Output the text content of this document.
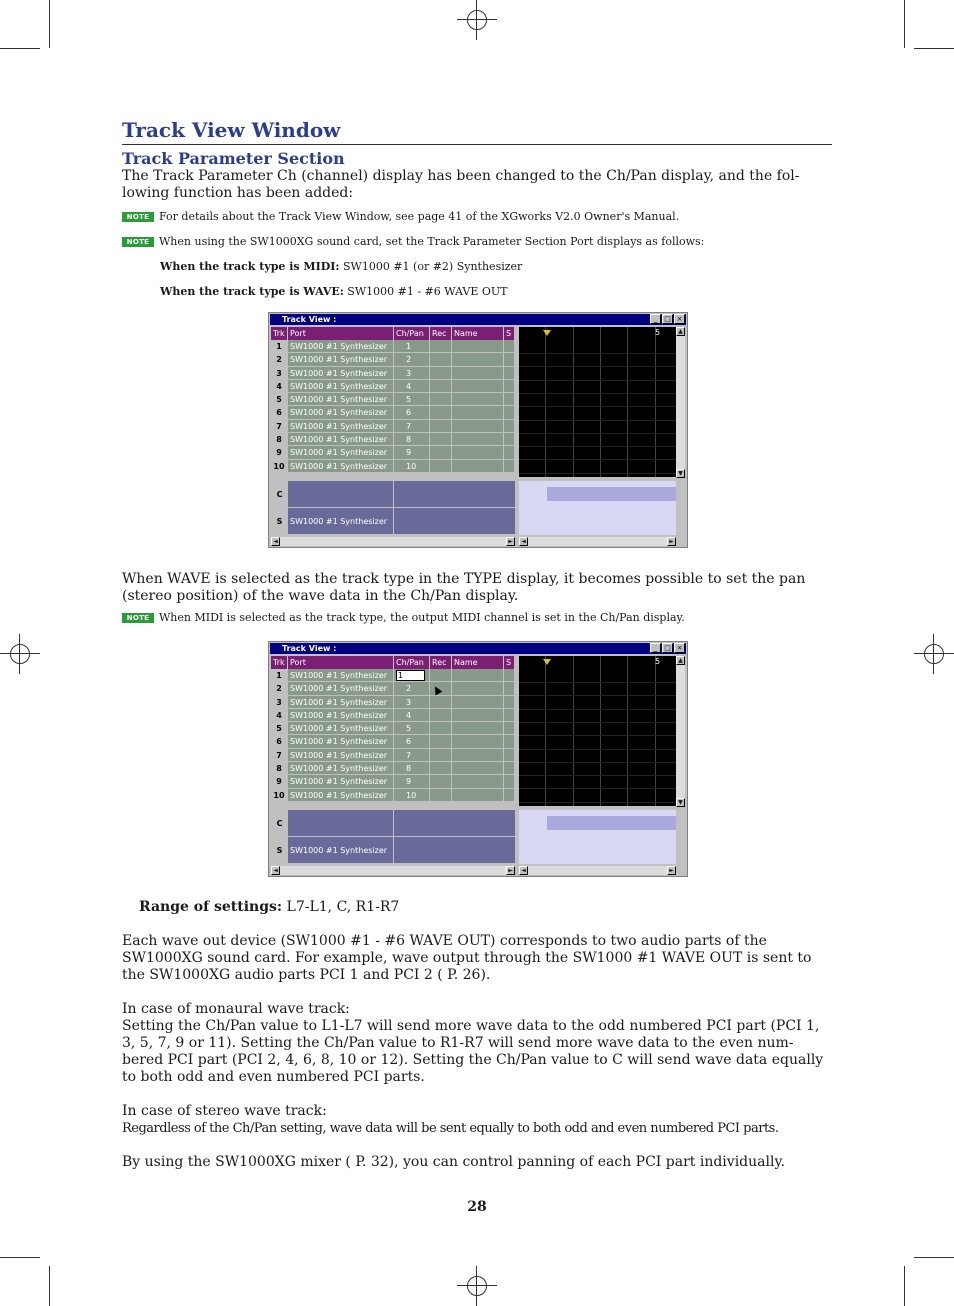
Track View Window
Track Parameter Section

The Track Parameter Ch (channel) display has been changed to the Ch/Pan display, and the fol-lowing function has been added:

NOTE For details about the Track View Window, see page 41 of the XGworks V2.0 Owner's Manual.
NOTE When using the SW1000XG sound card, set the Track Parameter Section Port displays as follows:
When the track type is MIDI: SW1000 #1 (or #2) Synthesizer
When the track type is WAVE: SW1000 #1 - #6 WAVE OUT
Track View :	_ □ ×
Trk Port	Ch/Pan	Rec Name	S
1	SW1000 #1 Synthesizer	1
2	SW1000 #1 Synthesizer	2
3	SW1000 #1 Synthesizer	3
4	SW1000 #1 Synthesizer	4
5	SW1000 #1 Synthesizer	5
6	SW1000 #1 Synthesizer	6
7	SW1000 #1 Synthesizer	7
8	SW1000 #1 Synthesizer	8
9	SW1000 #1 Synthesizer	9
10 SW1000 #1 Synthesizer	10
5	▲
▼
C
S SW1000 #1 Synthesizer
◄	►	◄	►

When WAVE is selected as the track type in the TYPE display, it becomes possible to set the pan (stereo position) of the wave data in the Ch/Pan display.

NOTE When MIDI is selected as the track type, the output MIDI channel is set in the Ch/Pan display.
Track View :	_ □ ×
Trk Port	Ch/Pan	Rec Name	S
1	SW1000 #1 Synthesizer	1
2	SW1000 #1 Synthesizer	2
3	SW1000 #1 Synthesizer	3
4	SW1000 #1 Synthesizer	4
5	SW1000 #1 Synthesizer	5
6	SW1000 #1 Synthesizer	6
7	SW1000 #1 Synthesizer	7
8	SW1000 #1 Synthesizer	8
9	SW1000 #1 Synthesizer	9
10 SW1000 #1 Synthesizer	10
5	▲
▼
C
S SW1000 #1 Synthesizer
◄	►	◄	►

Range of settings: L7-L1, C, R1-R7

Each wave out device (SW1000 #1 - #6 WAVE OUT) corresponds to two audio parts of the SW1000XG sound card. For example, wave output through the SW1000 #1 WAVE OUT is sent to the SW1000XG audio parts PCI 1 and PCI 2 ( P. 26).

In case of monaural wave track:

Setting the Ch/Pan value to L1-L7 will send more wave data to the odd numbered PCI part (PCI 1, 3, 5, 7, 9 or 11). Setting the Ch/Pan value to R1-R7 will send more wave data to the even num-bered PCI part (PCI 2, 4, 6, 8, 10 or 12). Setting the Ch/Pan value to C will send wave data equally to both odd and even numbered PCI parts.

In case of stereo wave track:

Regardless of the Ch/Pan setting, wave data will be sent equally to both odd and even numbered PCI parts.

By using the SW1000XG mixer ( P. 32), you can control panning of each PCI part individually.

28
